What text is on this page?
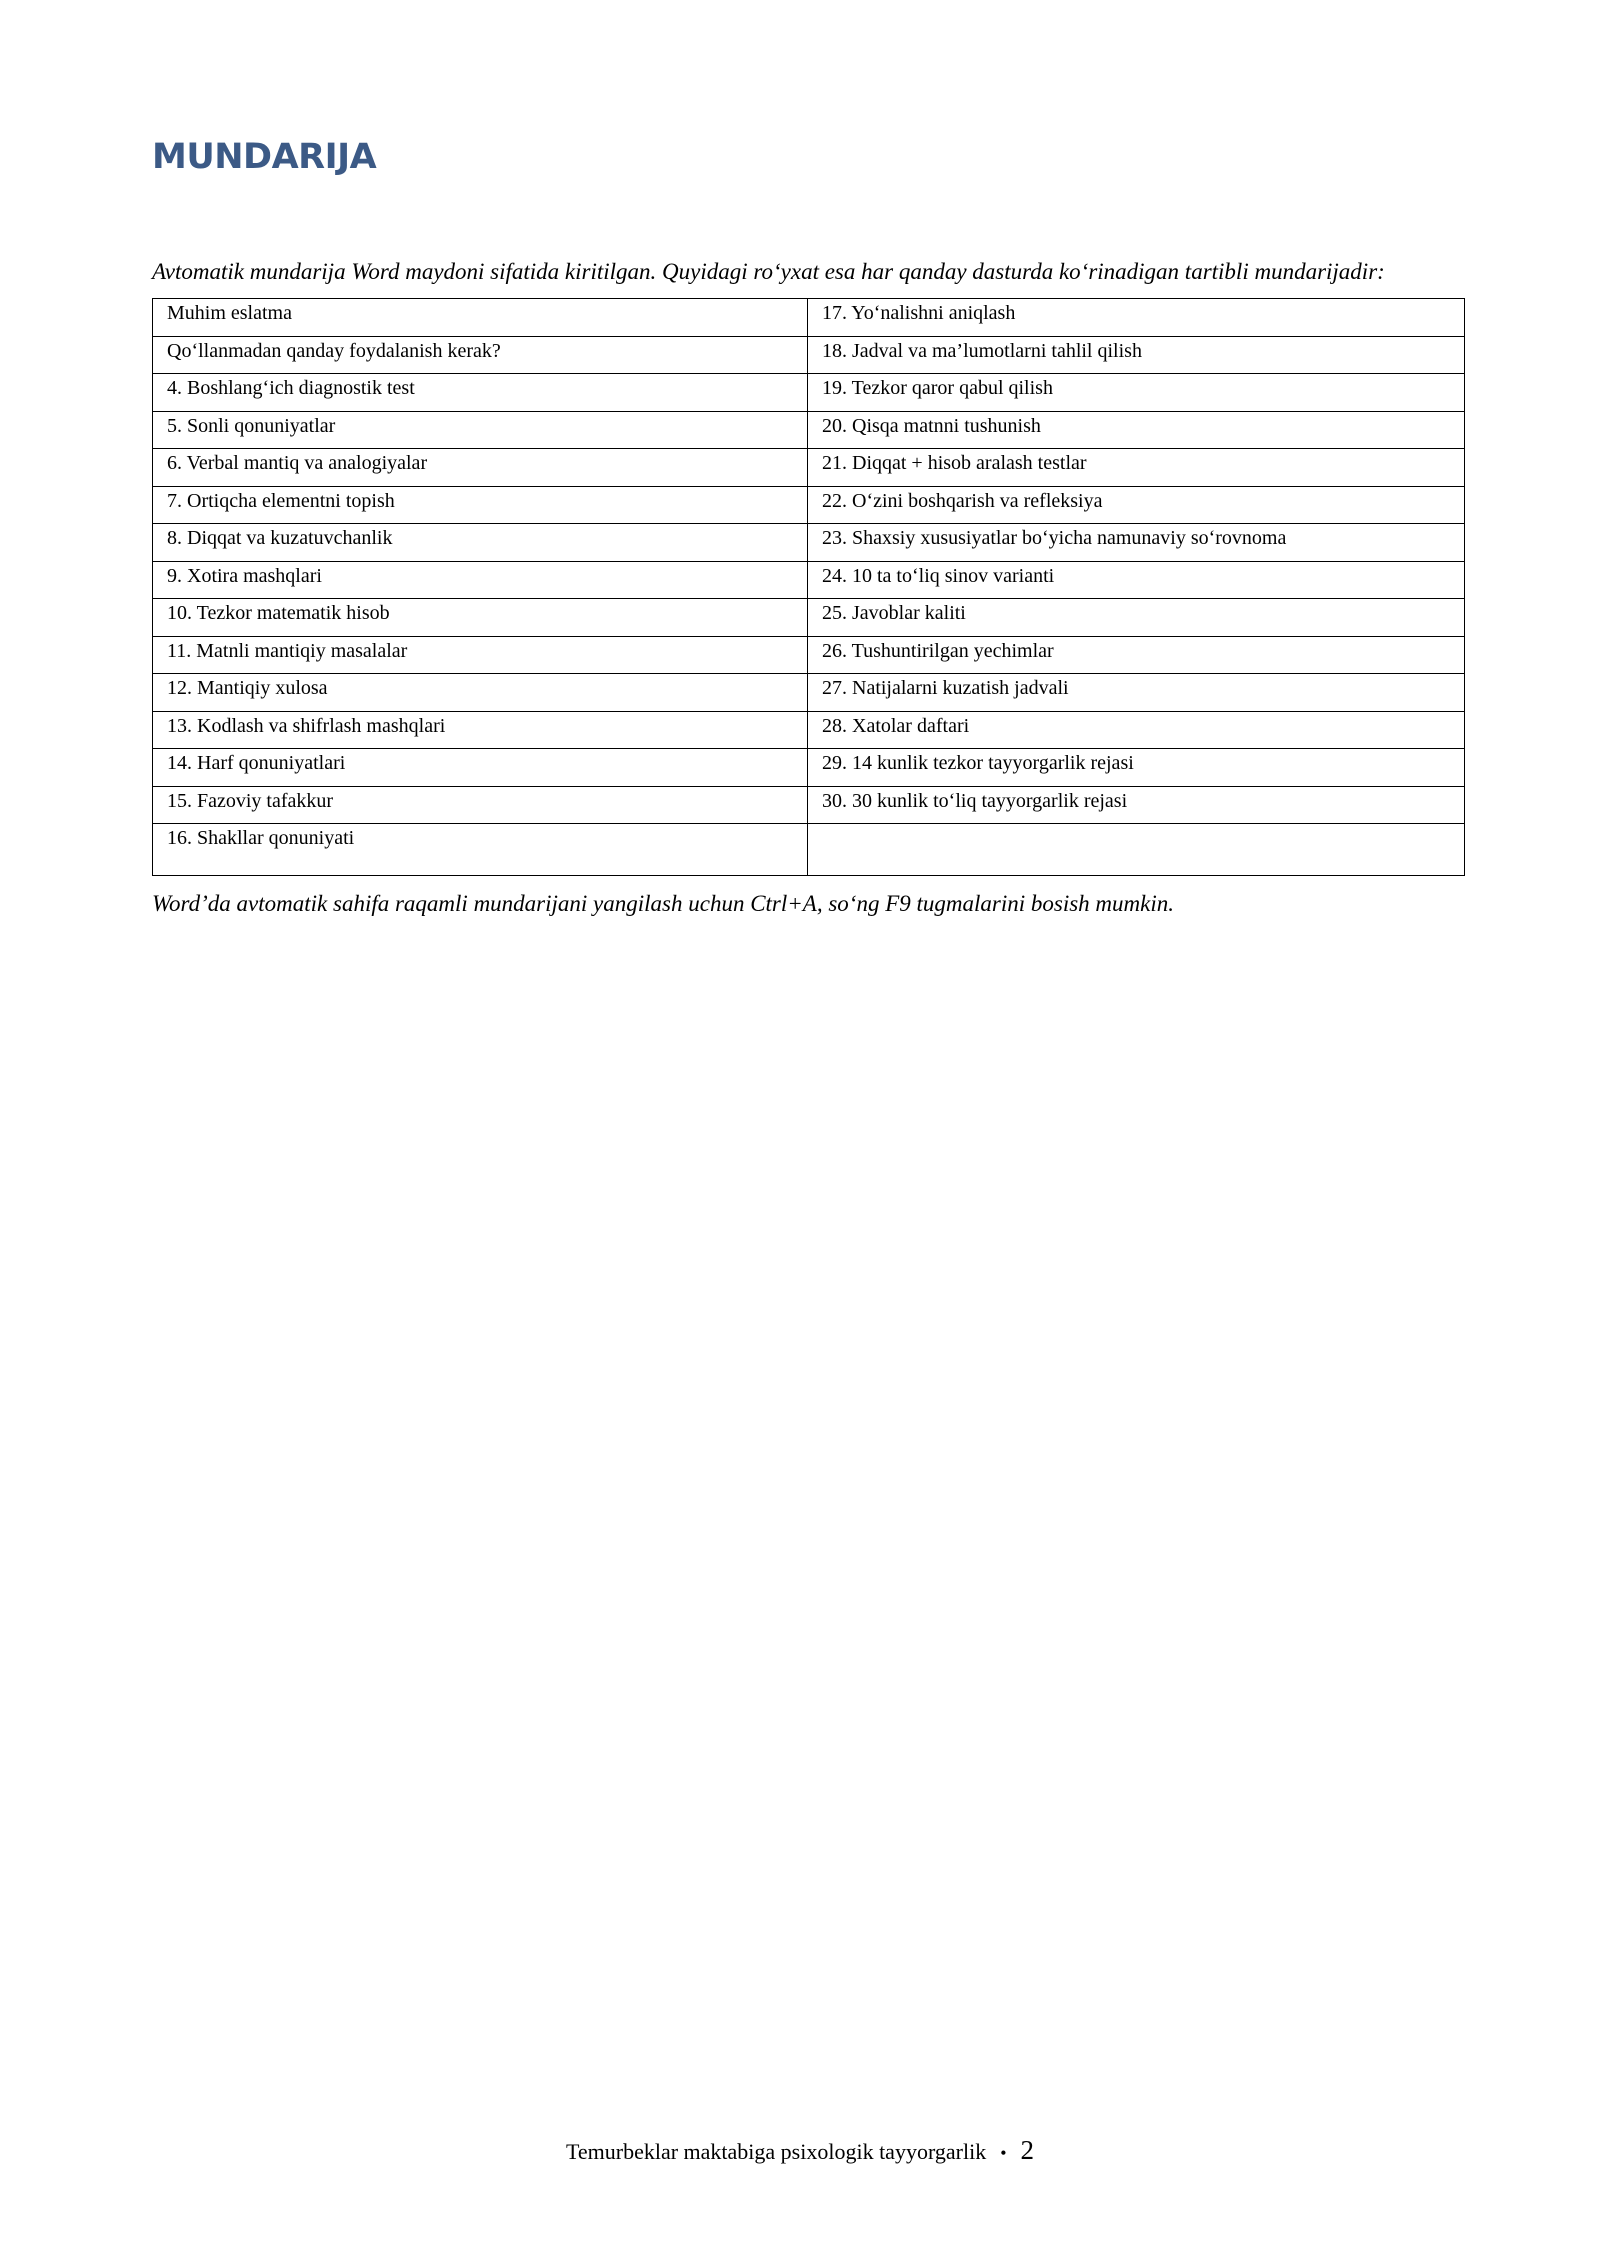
MUNDARIJA
Avtomatik mundarija Word maydoni sifatida kiritilgan. Quyidagi ro‘yxat esa har qanday dasturda ko‘rinadigan tartibli mundarijadir:
Muhim eslatma	17. Yo‘nalishni aniqlash
Qo‘llanmadan qanday foydalanish kerak?	18. Jadval va ma’lumotlarni tahlil qilish
4. Boshlang‘ich diagnostik test	19. Tezkor qaror qabul qilish
5. Sonli qonuniyatlar	20. Qisqa matnni tushunish
6. Verbal mantiq va analogiyalar	21. Diqqat + hisob aralash testlar
7. Ortiqcha elementni topish	22. O‘zini boshqarish va refleksiya
8. Diqqat va kuzatuvchanlik	23. Shaxsiy xususiyatlar bo‘yicha namunaviy so‘rovnoma
9. Xotira mashqlari	24. 10 ta to‘liq sinov varianti
10. Tezkor matematik hisob	25. Javoblar kaliti
11. Matnli mantiqiy masalalar	26. Tushuntirilgan yechimlar
12. Mantiqiy xulosa	27. Natijalarni kuzatish jadvali
13. Kodlash va shifrlash mashqlari	28. Xatolar daftari
14. Harf qonuniyatlari	29. 14 kunlik tezkor tayyorgarlik rejasi
15. Fazoviy tafakkur	30. 30 kunlik to‘liq tayyorgarlik rejasi
16. Shakllar qonuniyati	
Word’da avtomatik sahifa raqamli mundarijani yangilash uchun Ctrl+A, so‘ng F9 tugmalarini bosish mumkin.
Temurbeklar maktabiga psixologik tayyorgarlik • 2
